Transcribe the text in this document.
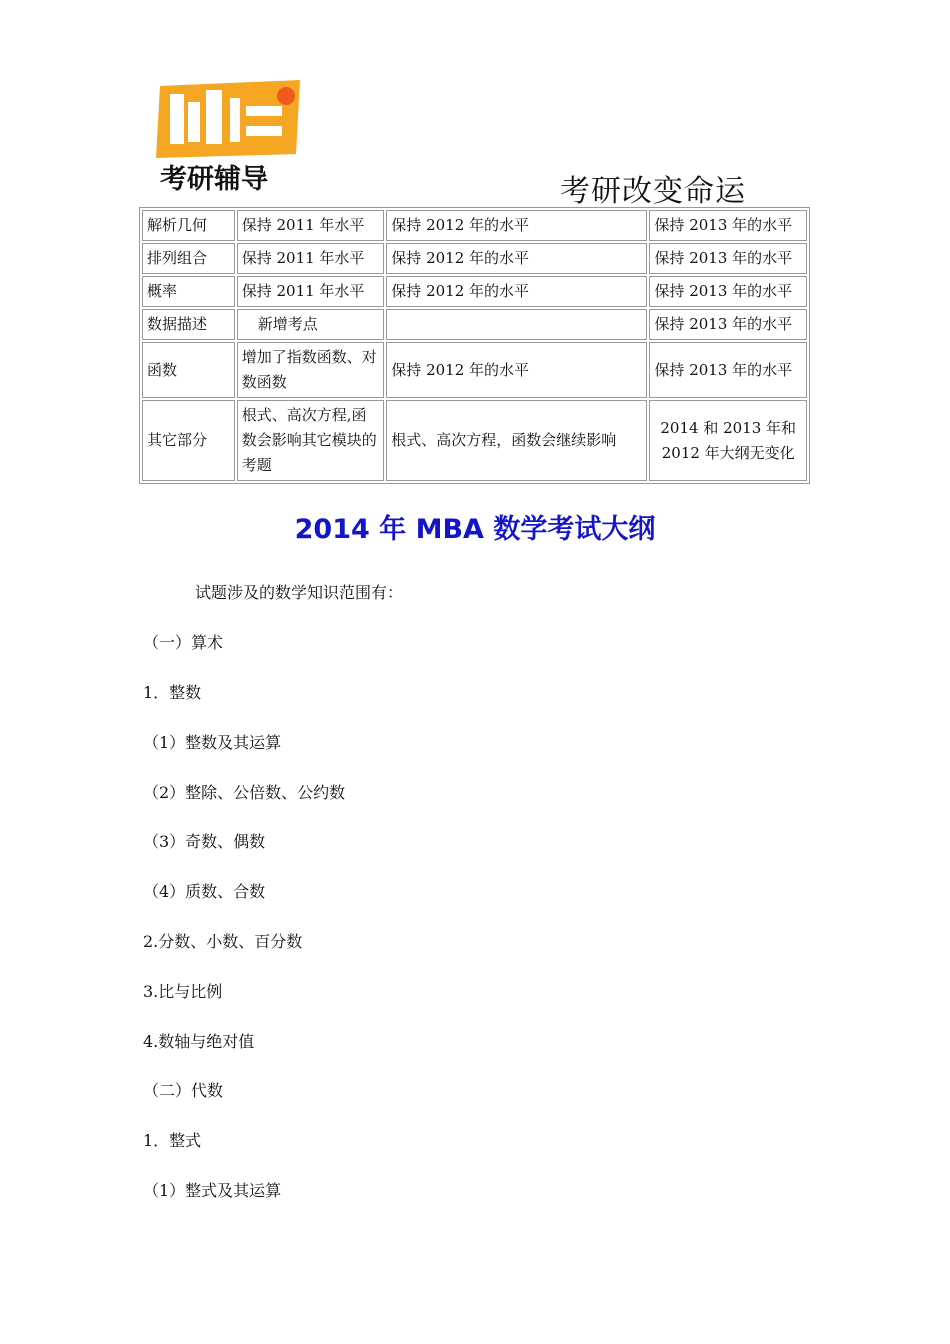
考研辅导	考研改变命运
解析几何	保持 2011 年水平	保持 2012 年的水平	保持 2013 年的水平
排列组合	保持 2011 年水平	保持 2012 年的水平	保持 2013 年的水平
概率	保持 2011 年水平	保持 2012 年的水平	保持 2013 年的水平
数据描述	新增考点		保持 2013 年的水平
函数	增加了指数函数、对数函数	保持 2012 年的水平	保持 2013 年的水平
其它部分	根式、高次方程,函数会影响其它模块的考题	根式、高次方程，函数会继续影响	2014 和 2013 年和 2012 年大纲无变化
2014 年 MBA 数学考试大纲
试题涉及的数学知识范围有：
（一）算术
1．整数
（1）整数及其运算
（2）整除、公倍数、公约数
（3）奇数、偶数
（4）质数、合数
2.分数、小数、百分数
3.比与比例
4.数轴与绝对值
（二）代数
1．整式
（1）整式及其运算
